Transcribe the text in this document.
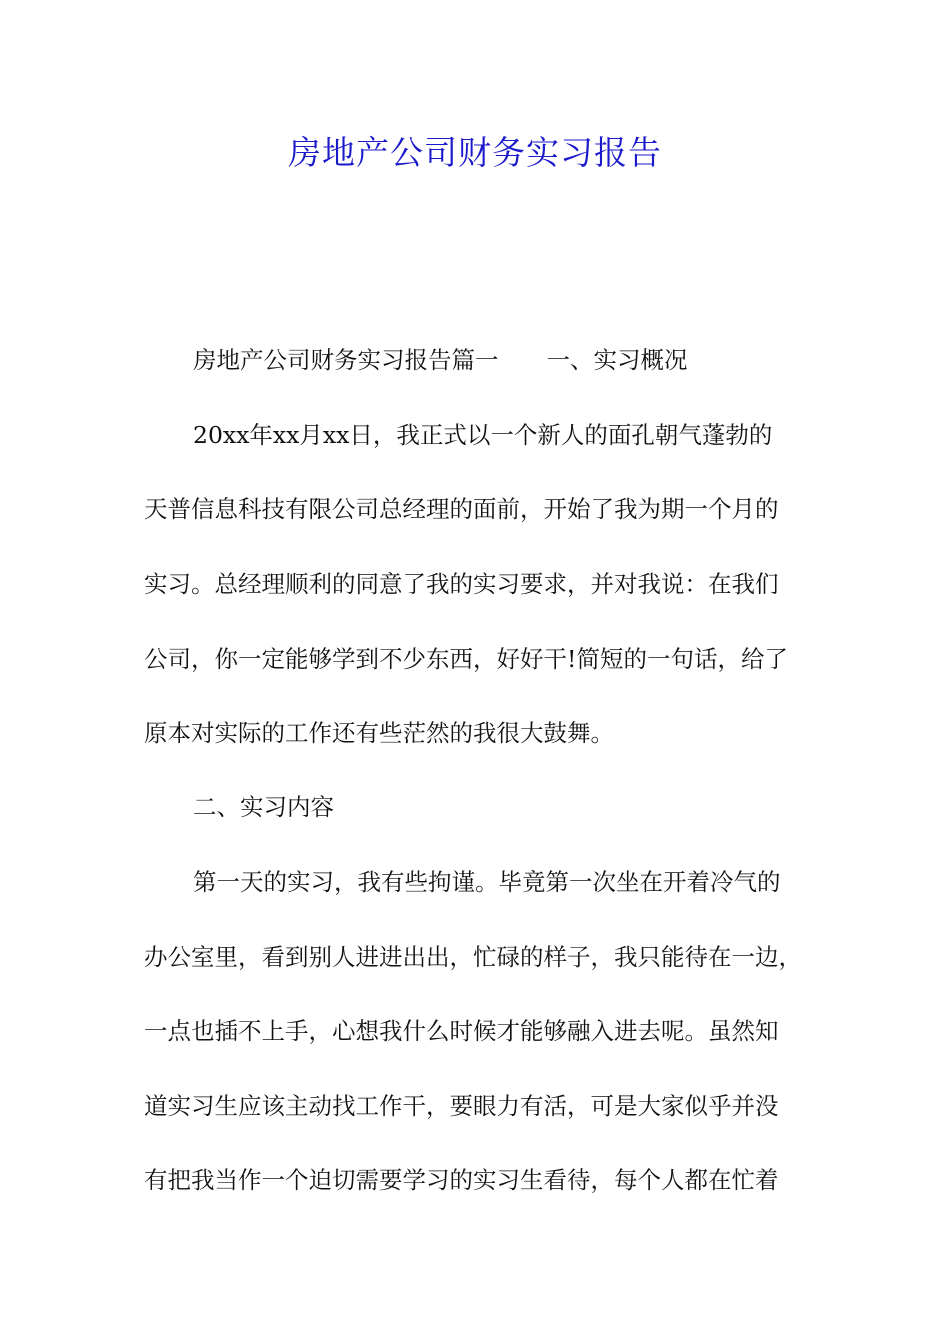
房地产公司财务实习报告
房地产公司财务实习报告篇一 一、实习概况
20xx年xx月xx日，我正式以一个新人的面孔朝气蓬勃的
天普信息科技有限公司总经理的面前，开始了我为期一个月的
实习。总经理顺利的同意了我的实习要求，并对我说：在我们
公司，你一定能够学到不少东西，好好干!简短的一句话，给了
原本对实际的工作还有些茫然的我很大鼓舞。
二、实习内容
第一天的实习，我有些拘谨。毕竟第一次坐在开着冷气的
办公室里，看到别人进进出出，忙碌的样子，我只能待在一边，
一点也插不上手，心想我什么时候才能够融入进去呢。虽然知
道实习生应该主动找工作干，要眼力有活，可是大家似乎并没
有把我当作一个迫切需要学习的实习生看待，每个人都在忙着
